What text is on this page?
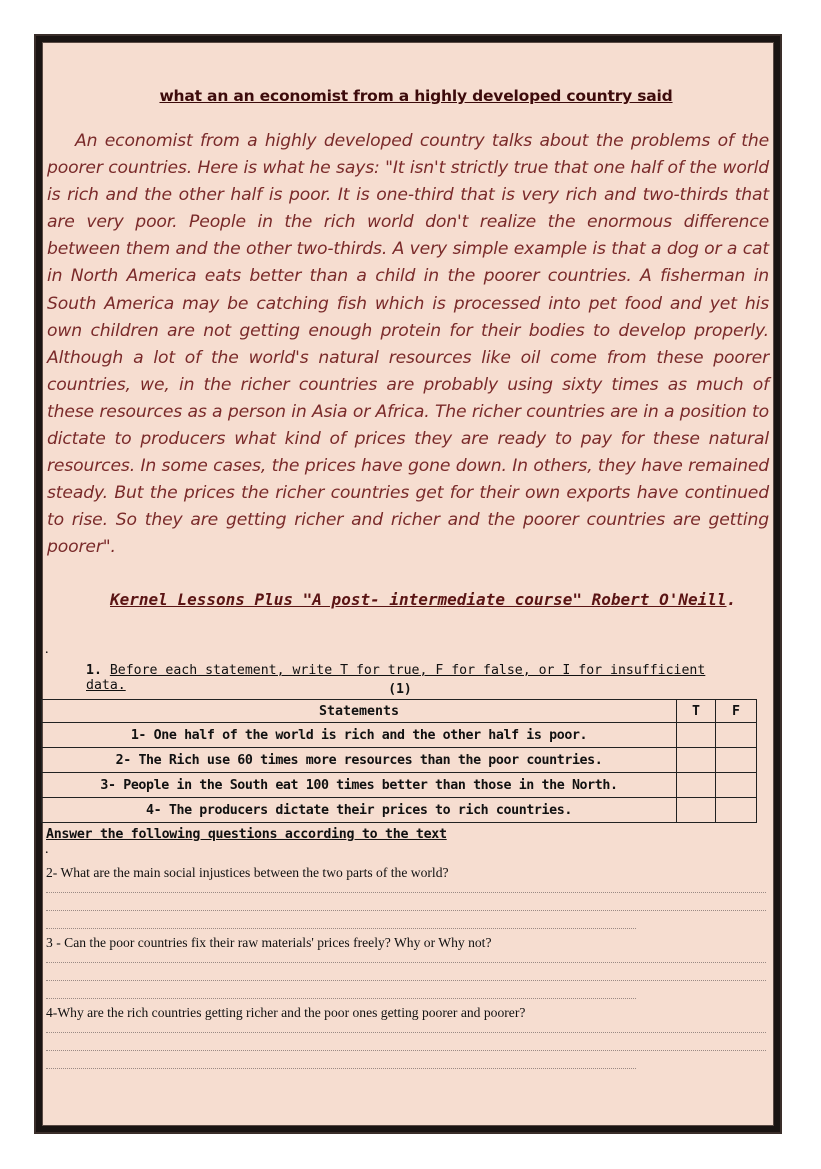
what an an economist from a highly developed country said

An economist from a highly developed country talks about the problems of the poorer countries. Here is what he says: "It isn't strictly true that one half of the world is rich and the other half is poor. It is one-third that is very rich and two-thirds that are very poor. People in the rich world don't realize the enormous difference between them and the other two-thirds. A very simple example is that a dog or a cat in North America eats better than a child in the poorer countries. A fisherman in South America may be catching fish which is processed into pet food and yet his own children are not getting enough protein for their bodies to develop properly. Although a lot of the world's natural resources like oil come from these poorer countries, we, in the richer countries are probably using sixty times as much of these resources as a person in Asia or Africa. The richer countries are in a position to dictate to producers what kind of prices they are ready to pay for these natural resources. In some cases, the prices have gone down. In others, they have remained steady. But the prices the richer countries get for their own exports have continued to rise. So they are getting richer and richer and the poorer countries are getting poorer".

Kernel Lessons Plus "A post- intermediate course" Robert O'Neill.
.
1. Before each statement, write T for true, F for false, or I for insufficient data.	(1)
Statements	T	F
1- One half of the world is rich and the other half is poor.		
2- The Rich use 60 times more resources than the poor countries.		
3- People in the South eat 100 times better than those in the North.		
4- The producers dictate their prices to rich countries.		
Answer the following questions according to the text
.
2- What are the main social injustices between the two parts of the world?
3 - Can the poor countries fix their raw materials' prices freely? Why or Why not?
4-Why are the rich countries getting richer and the poor ones getting poorer and poorer?
